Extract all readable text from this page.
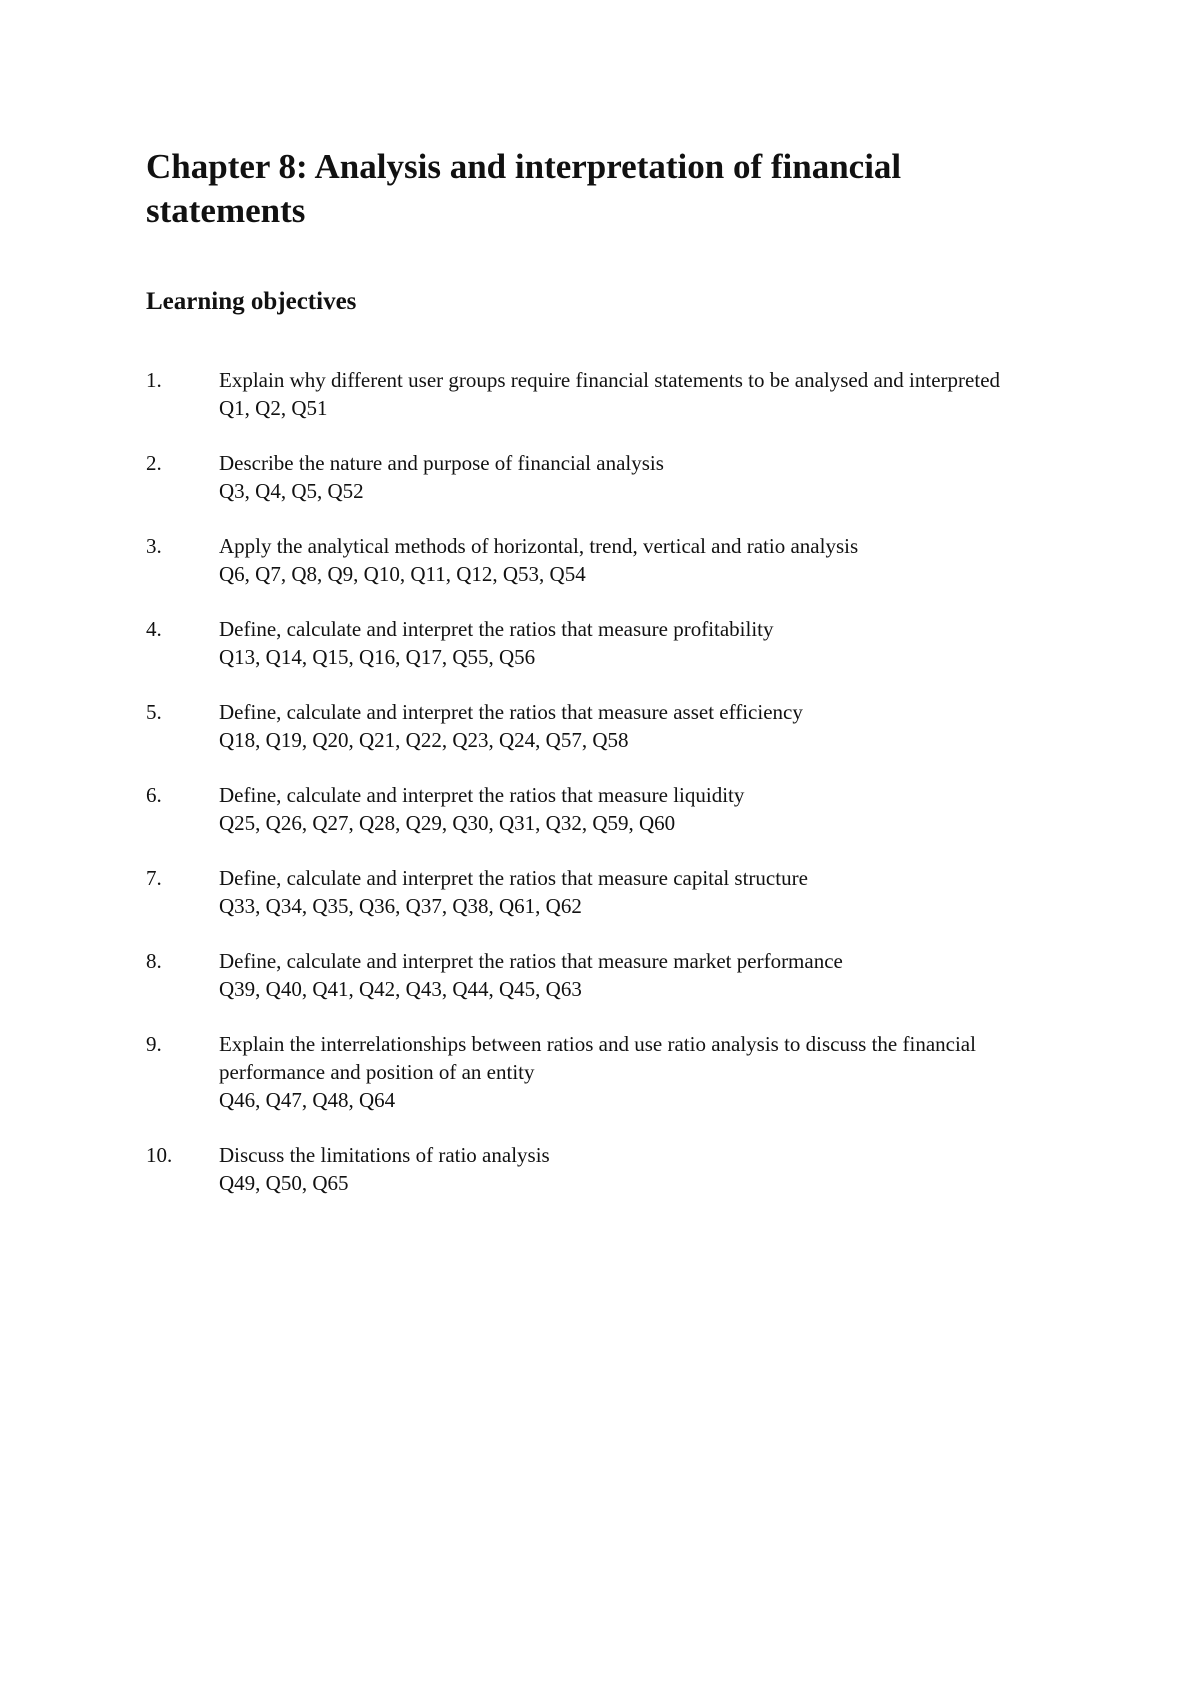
Chapter 8: Analysis and interpretation of financial statements
Learning objectives
1.	Explain why different user groups require financial statements to be analysed and interpreted
Q1, Q2, Q51
2.	Describe the nature and purpose of financial analysis
Q3, Q4, Q5, Q52
3.	Apply the analytical methods of horizontal, trend, vertical and ratio analysis
Q6, Q7, Q8, Q9, Q10, Q11, Q12, Q53, Q54
4.	Define, calculate and interpret the ratios that measure profitability
Q13, Q14, Q15, Q16, Q17, Q55, Q56
5.	Define, calculate and interpret the ratios that measure asset efficiency
Q18, Q19, Q20, Q21, Q22, Q23, Q24, Q57, Q58
6.	Define, calculate and interpret the ratios that measure liquidity
Q25, Q26, Q27, Q28, Q29, Q30, Q31, Q32, Q59, Q60
7.	Define, calculate and interpret the ratios that measure capital structure
Q33, Q34, Q35, Q36, Q37, Q38, Q61, Q62
8.	Define, calculate and interpret the ratios that measure market performance
Q39, Q40, Q41, Q42, Q43, Q44, Q45, Q63
9.	Explain the interrelationships between ratios and use ratio analysis to discuss the financial performance and position of an entity
Q46, Q47, Q48, Q64
10. Discuss the limitations of ratio analysis
Q49, Q50, Q65
